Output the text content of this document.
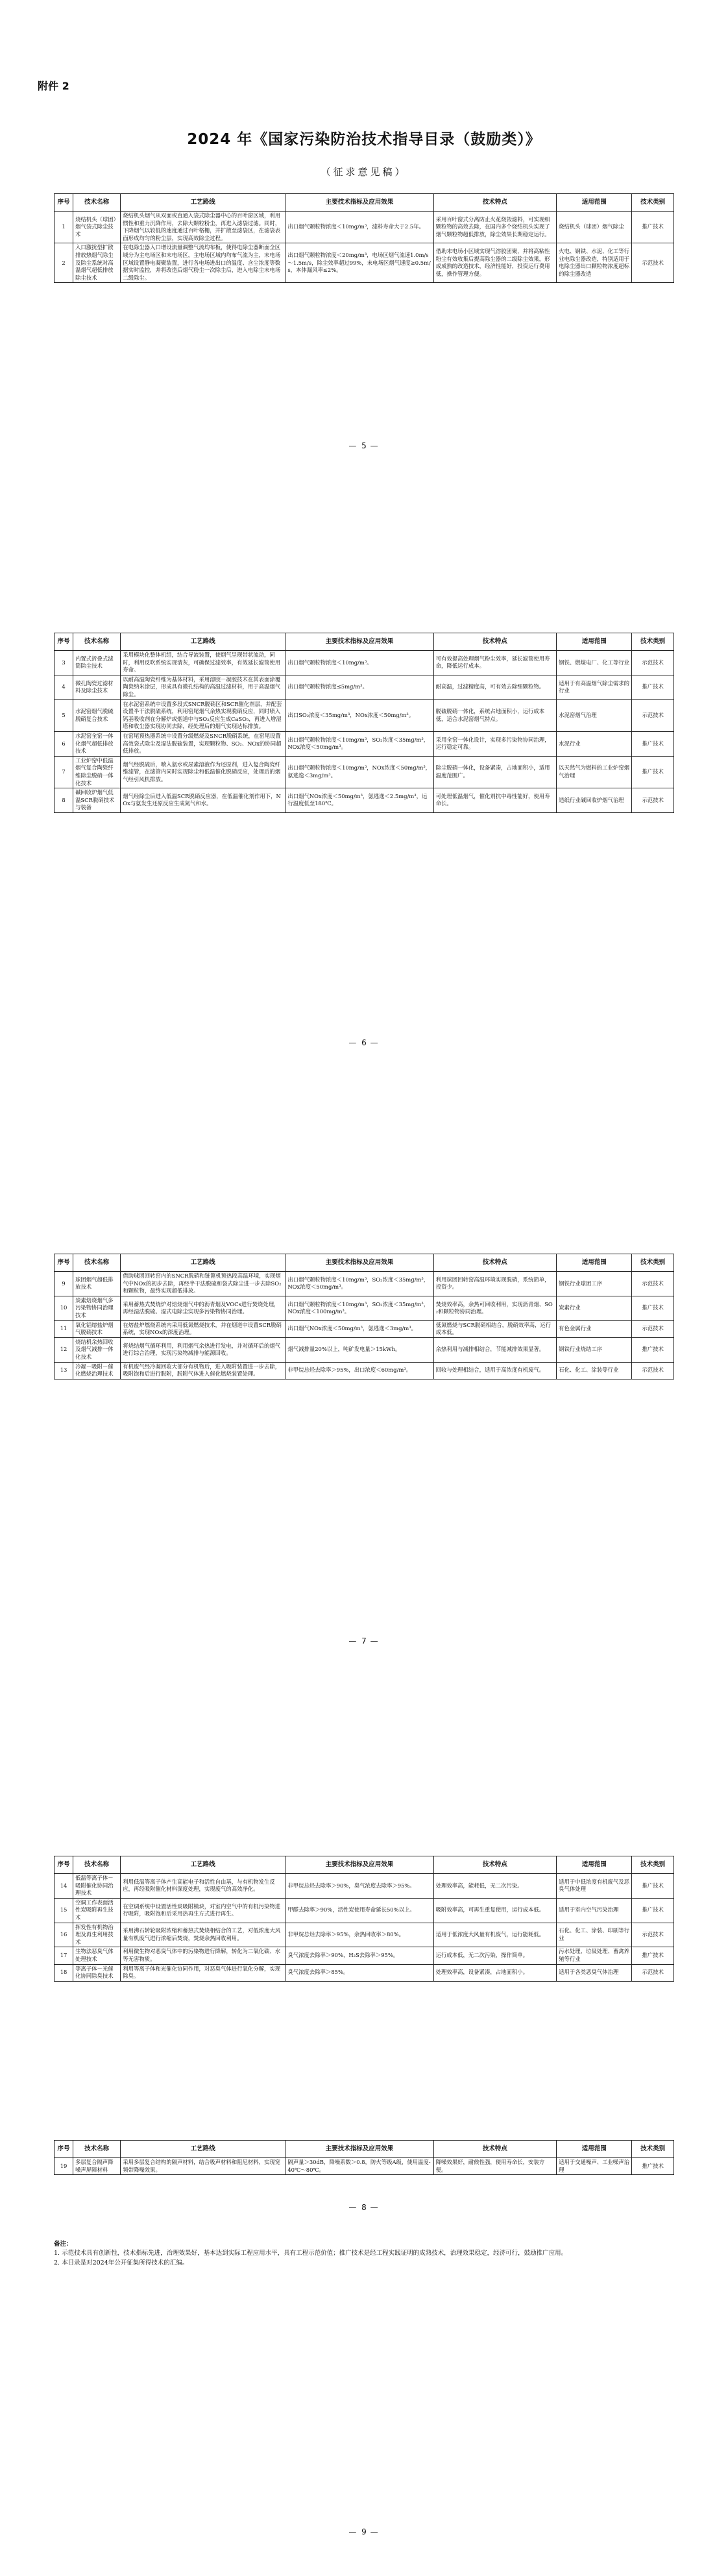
附件 2
2024 年《国家污染防治技术指导目录（鼓励类）》
（征求意见稿）
序号	技术名称	工艺路线	主要技术指标及应用效果	技术特点	适用范围	技术类别
1	烧结机头（球团）烟气袋式除尘技术	烧结机头烟气从双面或直通入袋式除尘器中心的百叶窗区域，利用惯性和重力沉降作用，去除大颗粒粉尘，再进入滤袋过滤。同时，下降烟气以较低的速度通过百叶格栅，并扩散至滤袋区，在滤袋表面形成均匀的粉尘层，实现高效除尘过程。	出口烟气颗粒物浓度＜10mg/m³，滤料寿命大于2.5年。	采用百叶窗式分离防止火花烧毁滤料，可实现细颗粒物的高效去除，在国内多个烧结机头实现了烟气颗粒物超低排放，除尘效果长期稳定运行。	烧结机头（球团）烟气除尘	推广技术
2	入口激扰型扩散排放热烟气除尘及除尘系统对高温烟气超低排放除尘技术	在电除尘器入口增设流量调整气流均布板，使得电除尘器断面全区域分为主电场区和末电场区，主电场区域内均布气流为主，末电场区域设置静电凝聚装置，进行各电场进出口的温度、含尘浓度等数据实时监控，并将改造后烟气粉尘一次除尘后，进入电除尘末电场二级除尘。	出口烟气颗粒物浓度＜20mg/m³，电场区烟气流速1.0m/s～1.5m/s，除尘效率超过99%，末电场区烟气速度≥0.5m/s，本体漏风率≤2%。	借助末电场小区域实现气溶胶团聚，并将高粘性粉尘有效收集后提高除尘器的二级除尘效果，形成成熟的改造技术，经济性能好，投资运行费用低，操作管理方便。	火电、钢铁、水泥、化工等行业电除尘器改造，特别适用于电除尘器出口颗粒物浓度超标的除尘器改造	示范技术
— 5 —
序号	技术名称	工艺路线	主要技术指标及应用效果	技术特点	适用范围	技术类别
3	内置式折叠式滤筒除尘技术	采用模块化整体机组，结合导流装置，使烟气呈现带状流动，同时，利用反吹系统实现清灰，可确保过滤效率，有效延长滤筒使用寿命。	出口烟气颗粒物浓度＜10mg/m³。	可有效提高处理烟气粉尘效率，延长滤筒使用寿命，降低运行成本。	钢铁、燃煤电厂、化工等行业	示范技术
4	微孔陶瓷过滤材料及除尘技术	以耐高温陶瓷纤维为基体材料，采用溶胶－凝胶技术在其表面涂覆陶瓷纳米涂层，形成具有微孔结构的高温过滤材料，用于高温烟气除尘。	出口烟气颗粒物浓度≤5mg/m³。	耐高温，过滤精度高，可有效去除细颗粒物。	适用于有高温烟气除尘需求的行业	推广技术
5	水泥窑烟气脱硫脱硝复合技术	在水泥窑系统中设置多段式SNCR脱硝区和SCR催化剂层，并配套设置半干法脱硫系统，利用窑尾烟气余热实现脱硝反应，同时喷入钙基吸收剂在分解炉或烟道中与SO₂反应生成CaSO₃，再进入增湿塔和收尘器实现协同去除，经处理后的烟气实现达标排放。	出口SO₂浓度＜35mg/m³，NOx浓度＜50mg/m³。	脱硫脱硝一体化，系统占地面积小，运行成本低，适合水泥窑烟气特点。	水泥窑烟气治理	示范技术
6	水泥窑全窑一体化烟气超低排放技术	在窑尾预热器系统中设置分级燃烧及SNCR脱硝系统，在窑尾设置高效袋式除尘及湿法脱硫装置，实现颗粒物、SO₂、NOx的协同超低排放。	出口烟气颗粒物浓度＜10mg/m³，SO₂浓度＜35mg/m³，NOx浓度＜50mg/m³。	采用全窑一体化设计，实现多污染物协同治理，运行稳定可靠。	水泥行业	推广技术
7	工业炉窑中低温烟气复合陶瓷纤维除尘脱硝一体化技术	烟气经脱硫后，喷入氨水或尿素溶液作为还原剂，进入复合陶瓷纤维滤管，在滤管内同时实现除尘和低温催化脱硝反应，处理后的烟气经引风机排放。	出口烟气颗粒物浓度＜10mg/m³，NOx浓度＜50mg/m³，氨逃逸＜3mg/m³。	除尘脱硝一体化，设备紧凑，占地面积小，适用温度范围广。	以天然气为燃料的工业炉窑烟气治理	推广技术
8	碱回收炉烟气低温SCR脱硝技术与装备	烟气经除尘后进入低温SCR脱硝反应器，在低温催化剂作用下，NOx与氨发生还原反应生成氮气和水。	出口烟气NOx浓度＜50mg/m³，氨逃逸＜2.5mg/m³，运行温度低至180℃。	可处理低温烟气，催化剂抗中毒性能好，使用寿命长。	造纸行业碱回收炉烟气治理	示范技术
— 6 —
序号	技术名称	工艺路线	主要技术指标及应用效果	技术特点	适用范围	技术类别
9	球团烟气超低排放技术	借助球团回转窑内的SNCR脱硝和链篦机预热段高温环境，实现烟气中NOx的初步去除，再经半干法脱硫和袋式除尘进一步去除SO₂和颗粒物，最终实现超低排放。	出口烟气颗粒物浓度＜10mg/m³，SO₂浓度＜35mg/m³，NOx浓度＜50mg/m³。	利用球团回转窑高温环境实现脱硝，系统简单，投资少。	钢铁行业球团工序	示范技术
10	炭素焙烧烟气多污染物协同治理技术	采用蓄热式焚烧炉对焙烧烟气中的沥青烟及VOCs进行焚烧处理，再经湿法脱硫、湿式电除尘实现多污染物协同治理。	出口烟气颗粒物浓度＜10mg/m³，SO₂浓度＜35mg/m³，NOx浓度＜100mg/m³。	焚烧效率高，余热可回收利用，实现沥青烟、SO₂和颗粒物协同治理。	炭素行业	推广技术
11	氧化铝熔盐炉烟气脱硝技术	在熔盐炉燃烧系统内采用低氮燃烧技术，并在烟道中设置SCR脱硝系统，实现NOx的深度治理。	出口烟气NOx浓度＜50mg/m³，氨逃逸＜3mg/m³。	低氮燃烧与SCR脱硝相结合，脱硝效率高，运行成本低。	有色金属行业	示范技术
12	烧结机余热回收及烟气减排一体化技术	将烧结烟气循环利用，利用烟气余热进行发电，并对循环后的烟气进行综合治理，实现污染物减排与能源回收。	烟气减排量20%以上，吨矿发电量＞15kWh。	余热利用与减排相结合，节能减排效果显著。	钢铁行业烧结工序	推广技术
13	冷凝－吸附－催化燃烧治理技术	有机废气经冷凝回收大部分有机物后，进入吸附装置进一步去除，吸附饱和后进行脱附，脱附气体进入催化燃烧装置处理。	非甲烷总烃去除率＞95%，出口浓度＜60mg/m³。	回收与处理相结合，适用于高浓度有机废气。	石化、化工、涂装等行业	示范技术
— 7 —
序号	技术名称	工艺路线	主要技术指标及应用效果	技术特点	适用范围	技术类别
14	低温等离子体－吸附催化协同治理技术	利用低温等离子体产生高能电子和活性自由基，与有机物发生反应，再经吸附催化材料深度处理，实现废气的高效净化。	非甲烷总烃去除率＞90%，臭气浓度去除率＞95%。	处理效率高，能耗低，无二次污染。	适用于中低浓度有机废气及恶臭气体处理	推广技术
15	空调工作表面活性炭吸附再生技术	在空调系统中设置活性炭吸附模块，对室内空气中的有机污染物进行吸附，吸附饱和后采用热再生方式进行再生。	甲醛去除率＞90%，活性炭使用寿命延长50%以上。	吸附效率高，可再生重复使用，运行成本低。	适用于室内空气污染治理	推广技术
16	挥发性有机物治理及再生利用技术	采用沸石转轮吸附浓缩和蓄热式焚烧相结合的工艺，对低浓度大风量有机废气进行浓缩后焚烧，焚烧余热回收利用。	非甲烷总烃去除率＞95%，余热回收率＞80%。	适用于低浓度大风量有机废气，运行能耗低。	石化、化工、涂装、印刷等行业	示范技术
17	生物法恶臭气体处理技术	利用微生物对恶臭气体中的污染物进行降解，转化为二氧化碳、水等无害物质。	臭气浓度去除率＞90%，H₂S去除率＞95%。	运行成本低，无二次污染，操作简单。	污水处理、垃圾处理、畜禽养殖等行业	推广技术
18	等离子体－光催化协同除臭技术	利用等离子体和光催化协同作用，对恶臭气体进行氧化分解，实现除臭。	臭气浓度去除率＞85%。	处理效率高，设备紧凑，占地面积小。	适用于各类恶臭气体治理	示范技术
— 8 —
序号	技术名称	工艺路线	主要技术指标及应用效果	技术特点	适用范围	技术类别
19	多层复合隔声降噪声屏障材料	采用多层复合结构的隔声材料，结合吸声材料和阻尼材料，实现宽频带降噪效果。	隔声量＞30dB，降噪系数＞0.8，防火等级A级，使用温度-40℃～80℃。	降噪效果好，耐候性强，使用寿命长，安装方便。	适用于交通噪声、工业噪声治理	推广技术
— 9 —
备注：
1. 示范技术具有创新性，技术指标先进，治理效果好，基本达到实际工程应用水平，具有工程示范价值；推广技术是经工程实践证明的成熟技术，治理效果稳定，经济可行，鼓励推广应用。
2. 本目录是对2024年公开征集所得技术的汇编。
